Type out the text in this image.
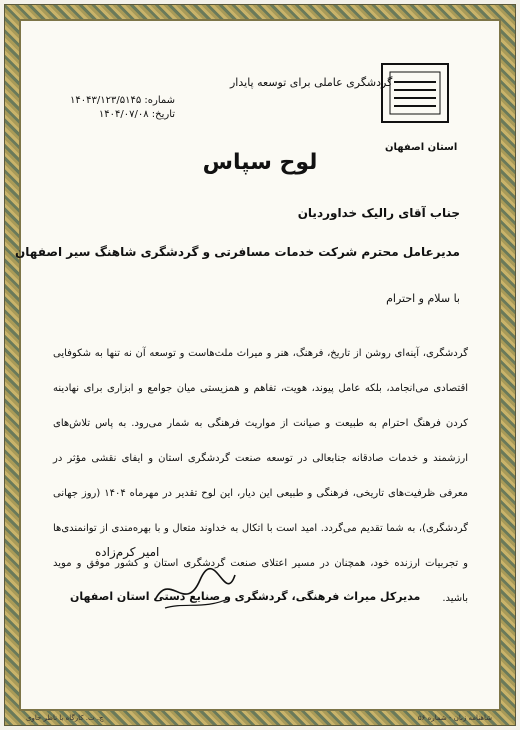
استان اصفهان
گردشگری عاملی برای توسعه پایدار
شماره: ۱۴۰۴۳/۱۲۳/۵۱۴۵
تاریخ: ۱۴۰۴/۰۷/۰۸
لوح سپاس
جناب آقای رالیک خداوردیان
مدیرعامل محترم شرکت خدمات مسافرتی و گردشگری شاهنگ سیر اصفهان
با سلام و احترام
گردشگری، آینه‌ای روشن از تاریخ، فرهنگ، هنر و میراث ملت‌هاست و توسعه آن نه تنها به شکوفایی اقتصادی می‌انجامد، بلکه عامل پیوند، هویت، تفاهم و همزیستی میان جوامع و ابزاری برای نهادینه کردن فرهنگ احترام به طبیعت و صیانت از مواریث فرهنگی به شمار می‌رود. به پاس تلاش‌های ارزشمند و خدمات صادقانه جنابعالی در توسعه صنعت گردشگری استان و ایفای نقشی مؤثر در معرفی ظرفیت‌های تاریخی، فرهنگی و طبیعی این دیار، این لوح تقدیر در مهرماه ۱۴۰۴ (روز جهانی گردشگری)، به شما تقدیم می‌گردد. امید است با اتکال به خداوند متعال و با بهره‌مندی از توانمندی‌ها و تجربیات ارزنده خود، همچنان در مسیر اعتلای صنعت گردشگری استان و کشور موفق و موید باشید.
امیر کرم‌زاده
مدیرکل میراث فرهنگی، گردشگری و صنایع دستی استان اصفهان
چ. ت. کارگاه با ناظر حاوی	شاهنامه زبان - شماره ۵۶
